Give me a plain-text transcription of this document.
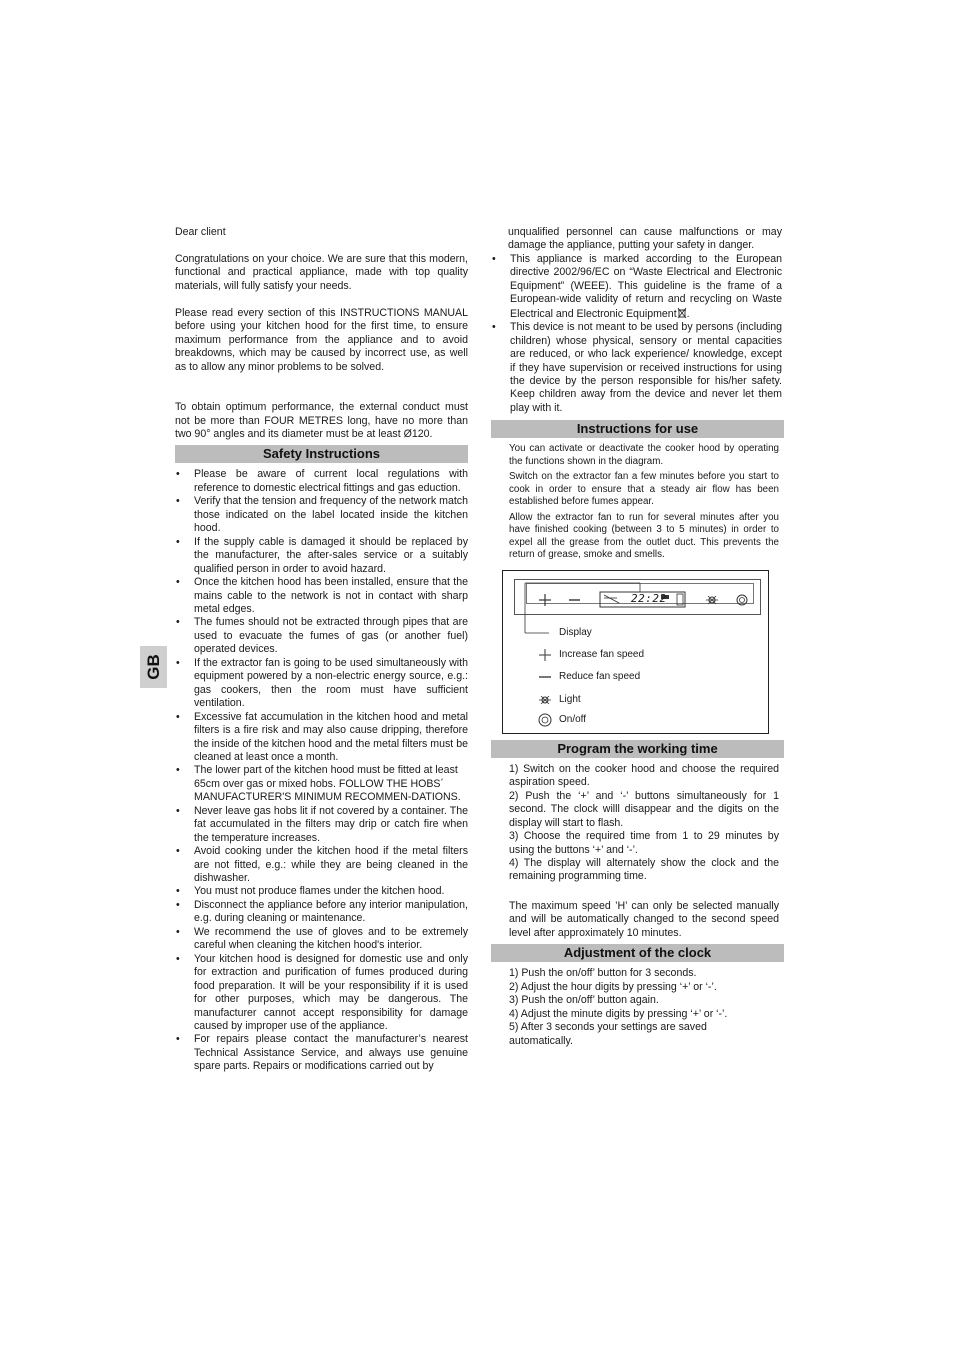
GB

Dear client

Congratulations on your choice. We are sure that this modern, functional and practical appliance, made with top quality materials, will fully satisfy your needs.

Please read every section of this INSTRUCTIONS MANUAL before using your kitchen hood for the first time, to ensure maximum performance from the appliance and to avoid breakdowns, which may be caused by incorrect use, as well as to allow any minor problems to be solved.

To obtain optimum performance, the external conduct must not be more than FOUR METRES long, have no more than two 90° angles and its diameter must be at least Ø120.

Safety Instructions
• Please be aware of current local regulations with reference to domestic electrical fittings and gas eduction.
• Verify that the tension and frequency of the network match those indicated on the label located inside the kitchen hood.
• If the supply cable is damaged it should be replaced by the manufacturer, the after-sales service or a suitably qualified person in order to avoid hazard.
• Once the kitchen hood has been installed, ensure that the mains cable to the network is not in contact with sharp metal edges.
• The fumes should not be extracted through pipes that are used to evacuate the fumes of gas (or another fuel) operated devices.
• If the extractor fan is going to be used simultaneously with equipment powered by a non-electric energy source, e.g.: gas cookers, then the room must have sufficient ventilation.
• Excessive fat accumulation in the kitchen hood and metal filters is a fire risk and may also cause dripping, therefore the inside of the kitchen hood and the metal filters must be cleaned at least once a month.
• The lower part of the kitchen hood must be fitted at least 65cm over gas or mixed hobs. FOLLOW THE HOBS´ MANUFACTURER'S MINIMUM RECOMMEN-DATIONS.
• Never leave gas hobs lit if not covered by a container. The fat accumulated in the filters may drip or catch fire when the temperature increases.
• Avoid cooking under the kitchen hood if the metal filters are not fitted, e.g.: while they are being cleaned in the dishwasher.
• You must not produce flames under the kitchen hood.
• Disconnect the appliance before any interior manipulation, e.g. during cleaning or maintenance.
• We recommend the use of gloves and to be extremely careful when cleaning the kitchen hood's interior.
• Your kitchen hood is designed for domestic use and only for extraction and purification of fumes produced during food preparation. It will be your responsibility if it is used for other purposes, which may be dangerous. The manufacturer cannot accept responsibility for damage caused by improper use of the appliance.
• For repairs please contact the manufacturer’s nearest Technical Assistance Service, and always use genuine spare parts. Repairs or modifications carried out by
unqualified personnel can cause malfunctions or may damage the appliance, putting your safety in danger.
• This appliance is marked according to the European directive 2002/96/EC on “Waste Electrical and Electronic Equipment” (WEEE). This guideline is the frame of a European-wide validity of return and recycling on Waste Electrical and Electronic Equipment .
• This device is not meant to be used by persons (including children) whose physical, sensory or mental capacities are reduced, or who lack experience/ knowledge, except if they have supervision or received instructions for using the device by the person responsible for his/her safety. Keep children away from the device and never let them play with it.
Instructions for use

You can activate or deactivate the cooker hood by operating the functions shown in the diagram.

Switch on the extractor fan a few minutes before you start to cook in order to ensure that a steady air flow has been established before fumes appear.

Allow the extractor fan to run for several minutes after you have finished cooking (between 3 to 5 minutes) in order to expel all the grease from the outlet duct. This prevents the return of grease, smoke and smells.

22:22
Display
Increase fan speed
Reduce fan speed
Light
On/off
Program the working time

1) Switch on the cooker hood and choose the required aspiration speed.

2) Push the ‘+’ and ‘-’ buttons simultaneously for 1 second. The clock willl disappear and the digits on the display will start to flash.

3) Choose the required time from 1 to 29 minutes by using the buttons ‘+’ and ‘-’.

4) The display will alternately show the clock and the remaining programming time.

The maximum speed ’H’ can only be selected manually and will be automatically changed to the second speed level after approximately 10 minutes.

Adjustment of the clock

1) Push the on/off’ button for 3 seconds.

2) Adjust the hour digits by pressing ‘+’ or ‘-’.

3) Push the on/off’ button again.

4) Adjust the minute digits by pressing ‘+’ or ‘-’.

5) After 3 seconds your settings are saved automatically.
